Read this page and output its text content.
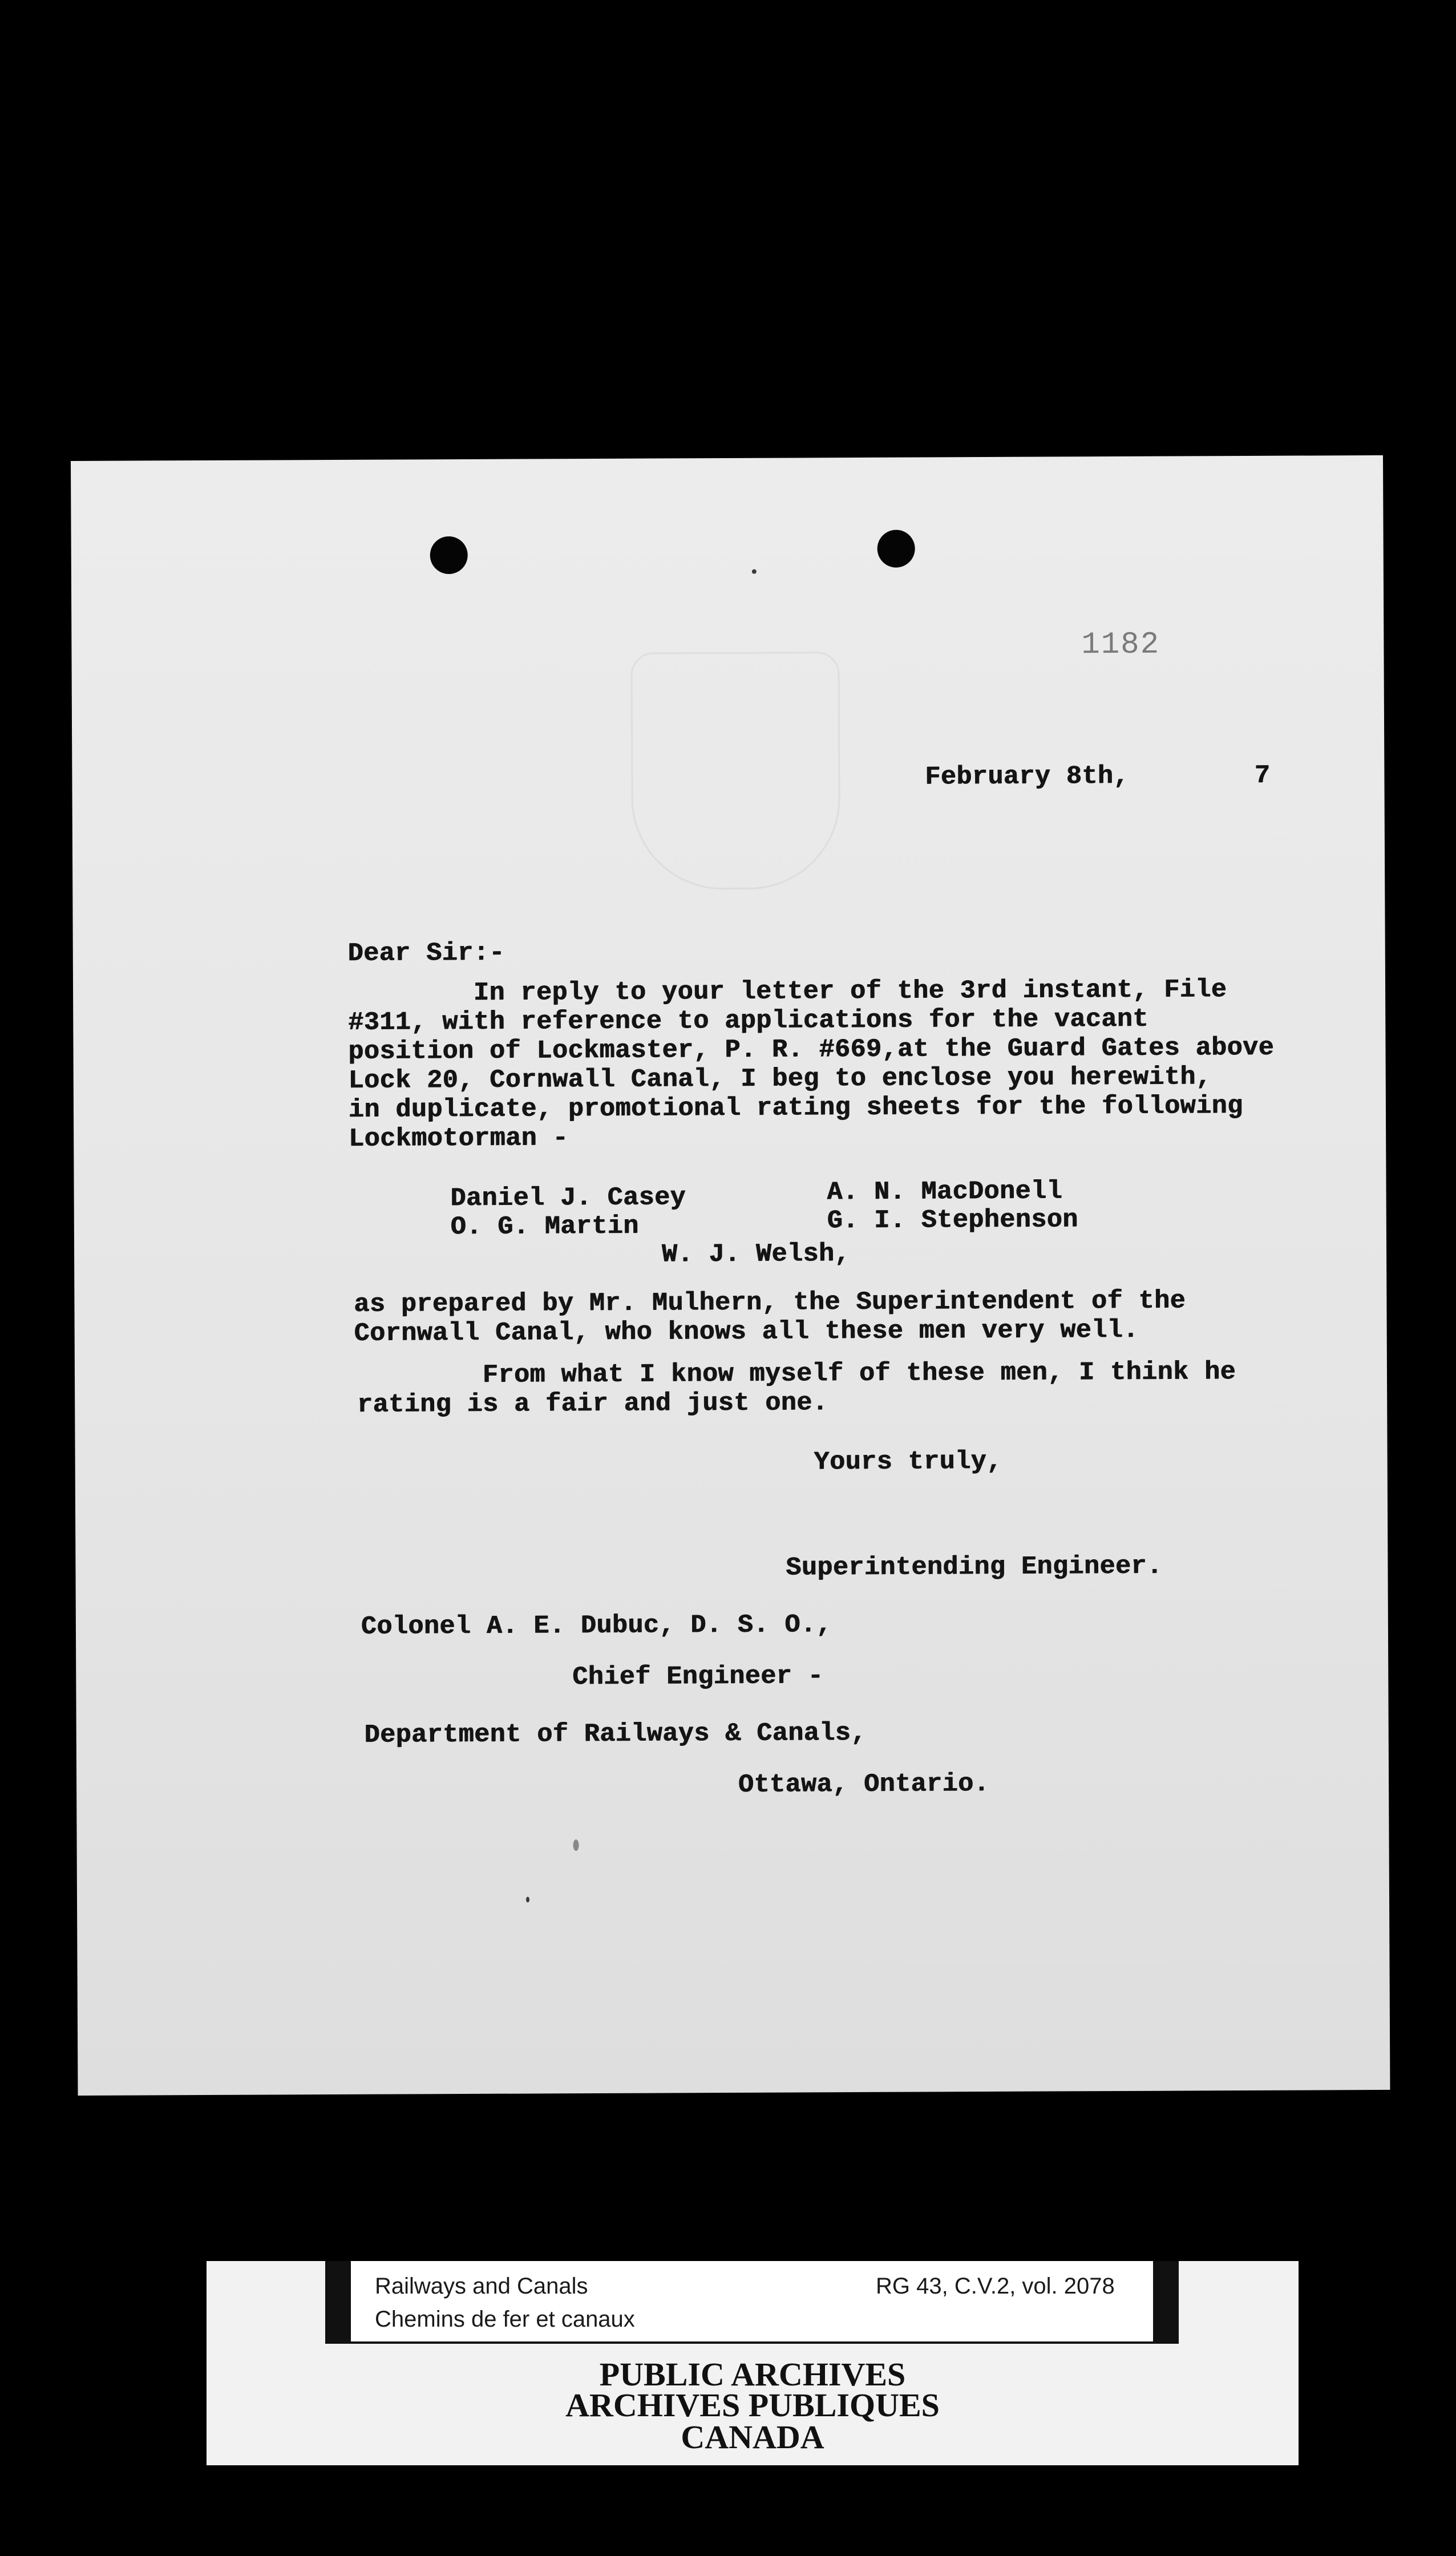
1182
February 8th,        7
Dear Sir:-
In reply to your letter of the 3rd instant, File
#311, with reference to applications for the vacant
position of Lockmaster, P. R. #669,at the Guard Gates above
Lock 20, Cornwall Canal, I beg to enclose you herewith,
in duplicate, promotional rating sheets for the following
Lockmotorman -
Daniel J. Casey
O. G. Martin
A. N. MacDonell
G. I. Stephenson
W. J. Welsh,
as prepared by Mr. Mulhern, the Superintendent of the
Cornwall Canal, who knows all these men very well.
From what I know myself of these men, I think he
rating is a fair and just one.
Yours truly,
Superintending Engineer.
Colonel A. E. Dubuc, D. S. O.,
Chief Engineer -
Department of Railways & Canals,
Ottawa, Ontario.
Railways and Canals
Chemins de fer et canaux
RG 43, C.V.2, vol. 2078
PUBLIC ARCHIVES
ARCHIVES PUBLIQUES
CANADA
